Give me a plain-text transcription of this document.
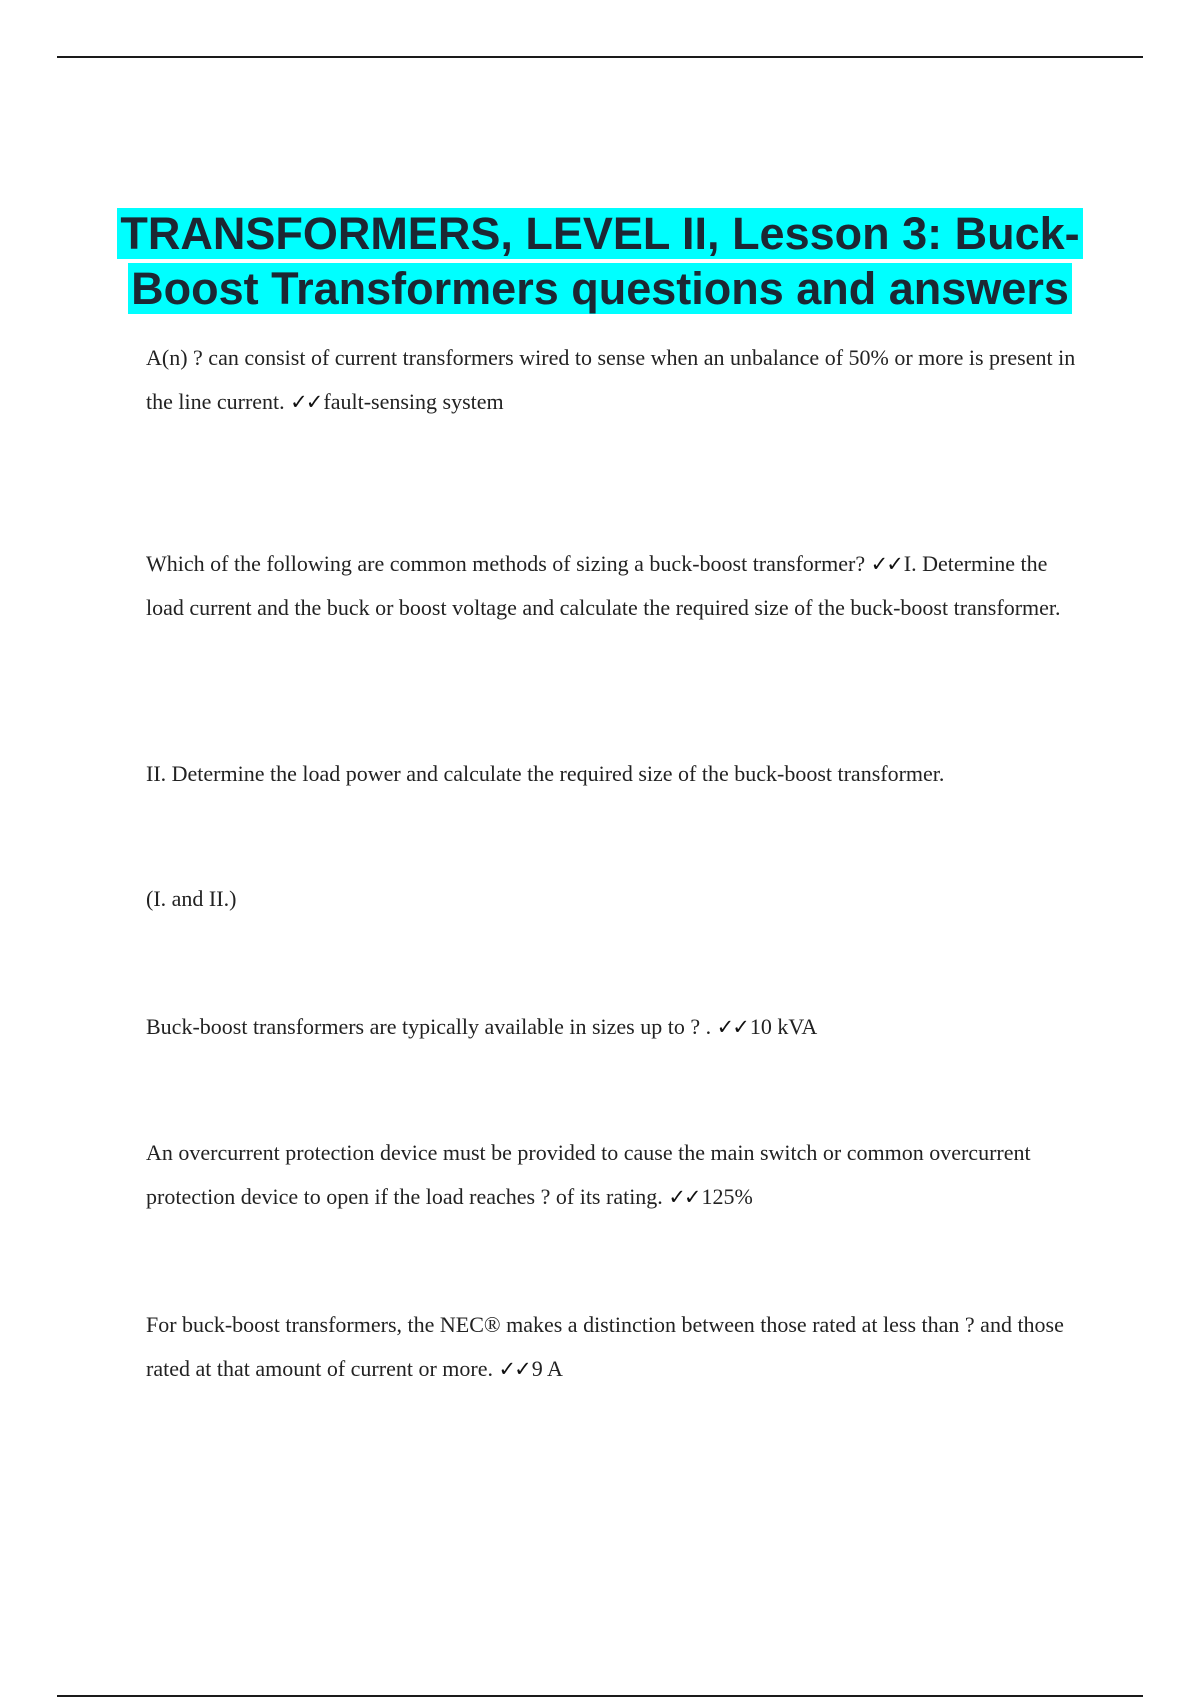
TRANSFORMERS, LEVEL II, Lesson 3: Buck-Boost Transformers questions and answers

A(n) ? can consist of current transformers wired to sense when an unbalance of 50% or more is present in the line current. ✓✓fault-sensing system

Which of the following are common methods of sizing a buck-boost transformer? ✓✓I. Determine the load current and the buck or boost voltage and calculate the required size of the buck-boost transformer.

II. Determine the load power and calculate the required size of the buck-boost transformer.

(I. and II.)

Buck-boost transformers are typically available in sizes up to ? . ✓✓10 kVA

An overcurrent protection device must be provided to cause the main switch or common overcurrent protection device to open if the load reaches ? of its rating. ✓✓125%

For buck-boost transformers, the NEC® makes a distinction between those rated at less than ? and those rated at that amount of current or more. ✓✓9 A
